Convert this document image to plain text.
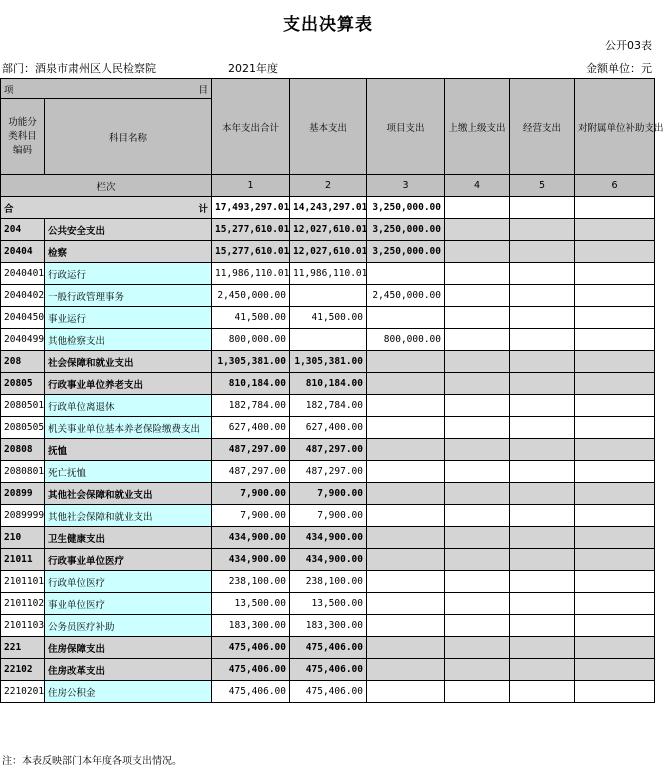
支出决算表
公开03表
部门：酒泉市肃州区人民检察院	2021年度	金额单位：元
项 目		本年支出合计	基本支出	项目支出	上缴上级支出	经营支出	对附属单位补助支出
功能分类科目编码	科目名称						
栏次		1	2	3	4	5	6
合 计		17,493,297.01	14,243,297.01	3,250,000.00			
204	公共安全支出	15,277,610.01	12,027,610.01	3,250,000.00			
20404	检察	15,277,610.01	12,027,610.01	3,250,000.00			
2040401	行政运行	11,986,110.01	11,986,110.01				
2040402	一般行政管理事务	2,450,000.00		2,450,000.00			
2040450	事业运行	41,500.00	41,500.00				
2040499	其他检察支出	800,000.00		800,000.00			
208	社会保障和就业支出	1,305,381.00	1,305,381.00				
20805	行政事业单位养老支出	810,184.00	810,184.00				
2080501	行政单位离退休	182,784.00	182,784.00				
2080505	机关事业单位基本养老保险缴费支出	627,400.00	627,400.00				
20808	抚恤	487,297.00	487,297.00				
2080801	死亡抚恤	487,297.00	487,297.00				
20899	其他社会保障和就业支出	7,900.00	7,900.00				
2089999	其他社会保障和就业支出	7,900.00	7,900.00				
210	卫生健康支出	434,900.00	434,900.00				
21011	行政事业单位医疗	434,900.00	434,900.00				
2101101	行政单位医疗	238,100.00	238,100.00				
2101102	事业单位医疗	13,500.00	13,500.00				
2101103	公务员医疗补助	183,300.00	183,300.00				
221	住房保障支出	475,406.00	475,406.00				
22102	住房改革支出	475,406.00	475,406.00				
2210201	住房公积金	475,406.00	475,406.00				
注：本表反映部门本年度各项支出情况。
